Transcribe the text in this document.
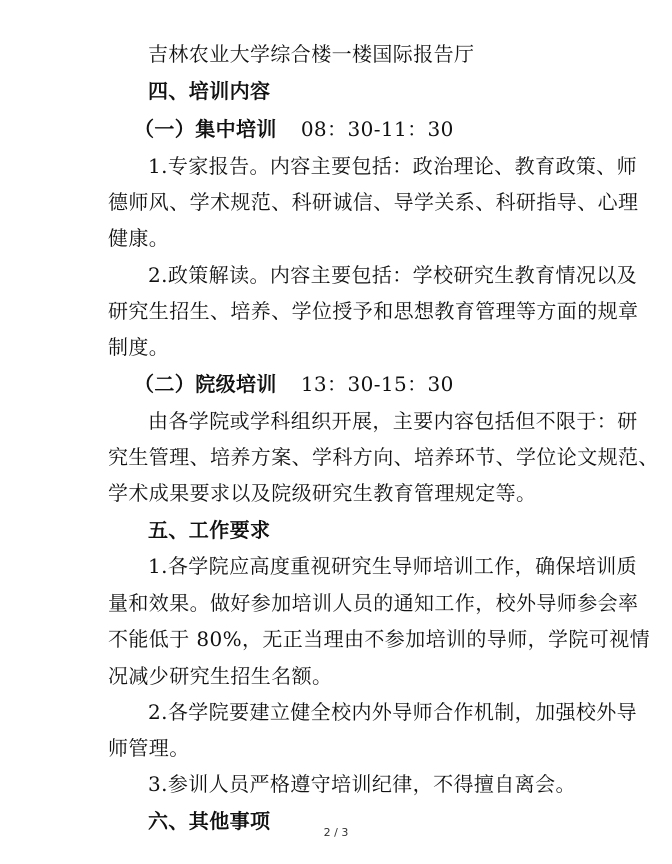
吉林农业大学综合楼一楼国际报告厅
四、培训内容
（一）集中培训 08：30-11：30
1.专家报告。内容主要包括：政治理论、教育政策、师
德师风、学术规范、科研诚信、导学关系、科研指导、心理
健康。
2.政策解读。内容主要包括：学校研究生教育情况以及
研究生招生、培养、学位授予和思想教育管理等方面的规章
制度。
（二）院级培训 13：30-15：30
由各学院或学科组织开展，主要内容包括但不限于：研
究生管理、培养方案、学科方向、培养环节、学位论文规范、
学术成果要求以及院级研究生教育管理规定等。
五、工作要求
1.各学院应高度重视研究生导师培训工作，确保培训质
量和效果。做好参加培训人员的通知工作，校外导师参会率
不能低于 80%，无正当理由不参加培训的导师，学院可视情
况减少研究生招生名额。
2.各学院要建立健全校内外导师合作机制，加强校外导
师管理。
3.参训人员严格遵守培训纪律，不得擅自离会。
六、其他事项	2 / 3
